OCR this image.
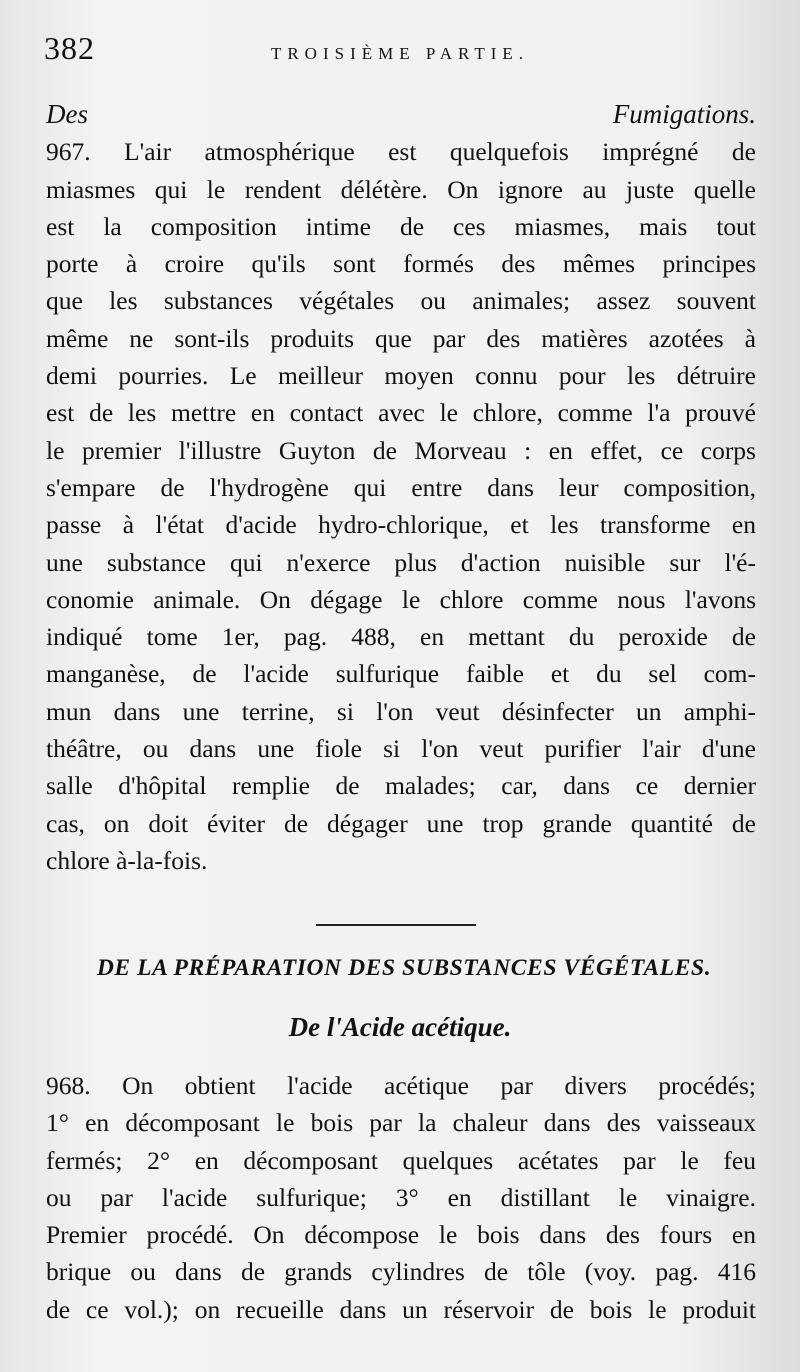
382	TROISIÈME PARTIE.
Des Fumigations.
967. L'air atmosphérique est quelquefois imprégné de
miasmes qui le rendent délétère. On ignore au juste quelle
est la composition intime de ces miasmes, mais tout
porte à croire qu'ils sont formés des mêmes principes
que les substances végétales ou animales; assez souvent
même ne sont-ils produits que par des matières azotées à
demi pourries. Le meilleur moyen connu pour les détruire
est de les mettre en contact avec le chlore, comme l'a prouvé
le premier l'illustre Guyton de Morveau : en effet, ce corps
s'empare de l'hydrogène qui entre dans leur composition,
passe à l'état d'acide hydro-chlorique, et les transforme en
une substance qui n'exerce plus d'action nuisible sur l'é-
conomie animale. On dégage le chlore comme nous l'avons
indiqué tome 1er, pag. 488, en mettant du peroxide de
manganèse, de l'acide sulfurique faible et du sel com-
mun dans une terrine, si l'on veut désinfecter un amphi-
théâtre, ou dans une fiole si l'on veut purifier l'air d'une
salle d'hôpital remplie de malades; car, dans ce dernier
cas, on doit éviter de dégager une trop grande quantité de
chlore à-la-fois.
DE LA PRÉPARATION DES SUBSTANCES VÉGÉTALES.
De l'Acide acétique.
968. On obtient l'acide acétique par divers procédés;
1° en décomposant le bois par la chaleur dans des vaisseaux
fermés; 2° en décomposant quelques acétates par le feu
ou par l'acide sulfurique; 3° en distillant le vinaigre.
Premier procédé. On décompose le bois dans des fours en
brique ou dans de grands cylindres de tôle (voy. pag. 416
de ce vol.); on recueille dans un réservoir de bois le produit
